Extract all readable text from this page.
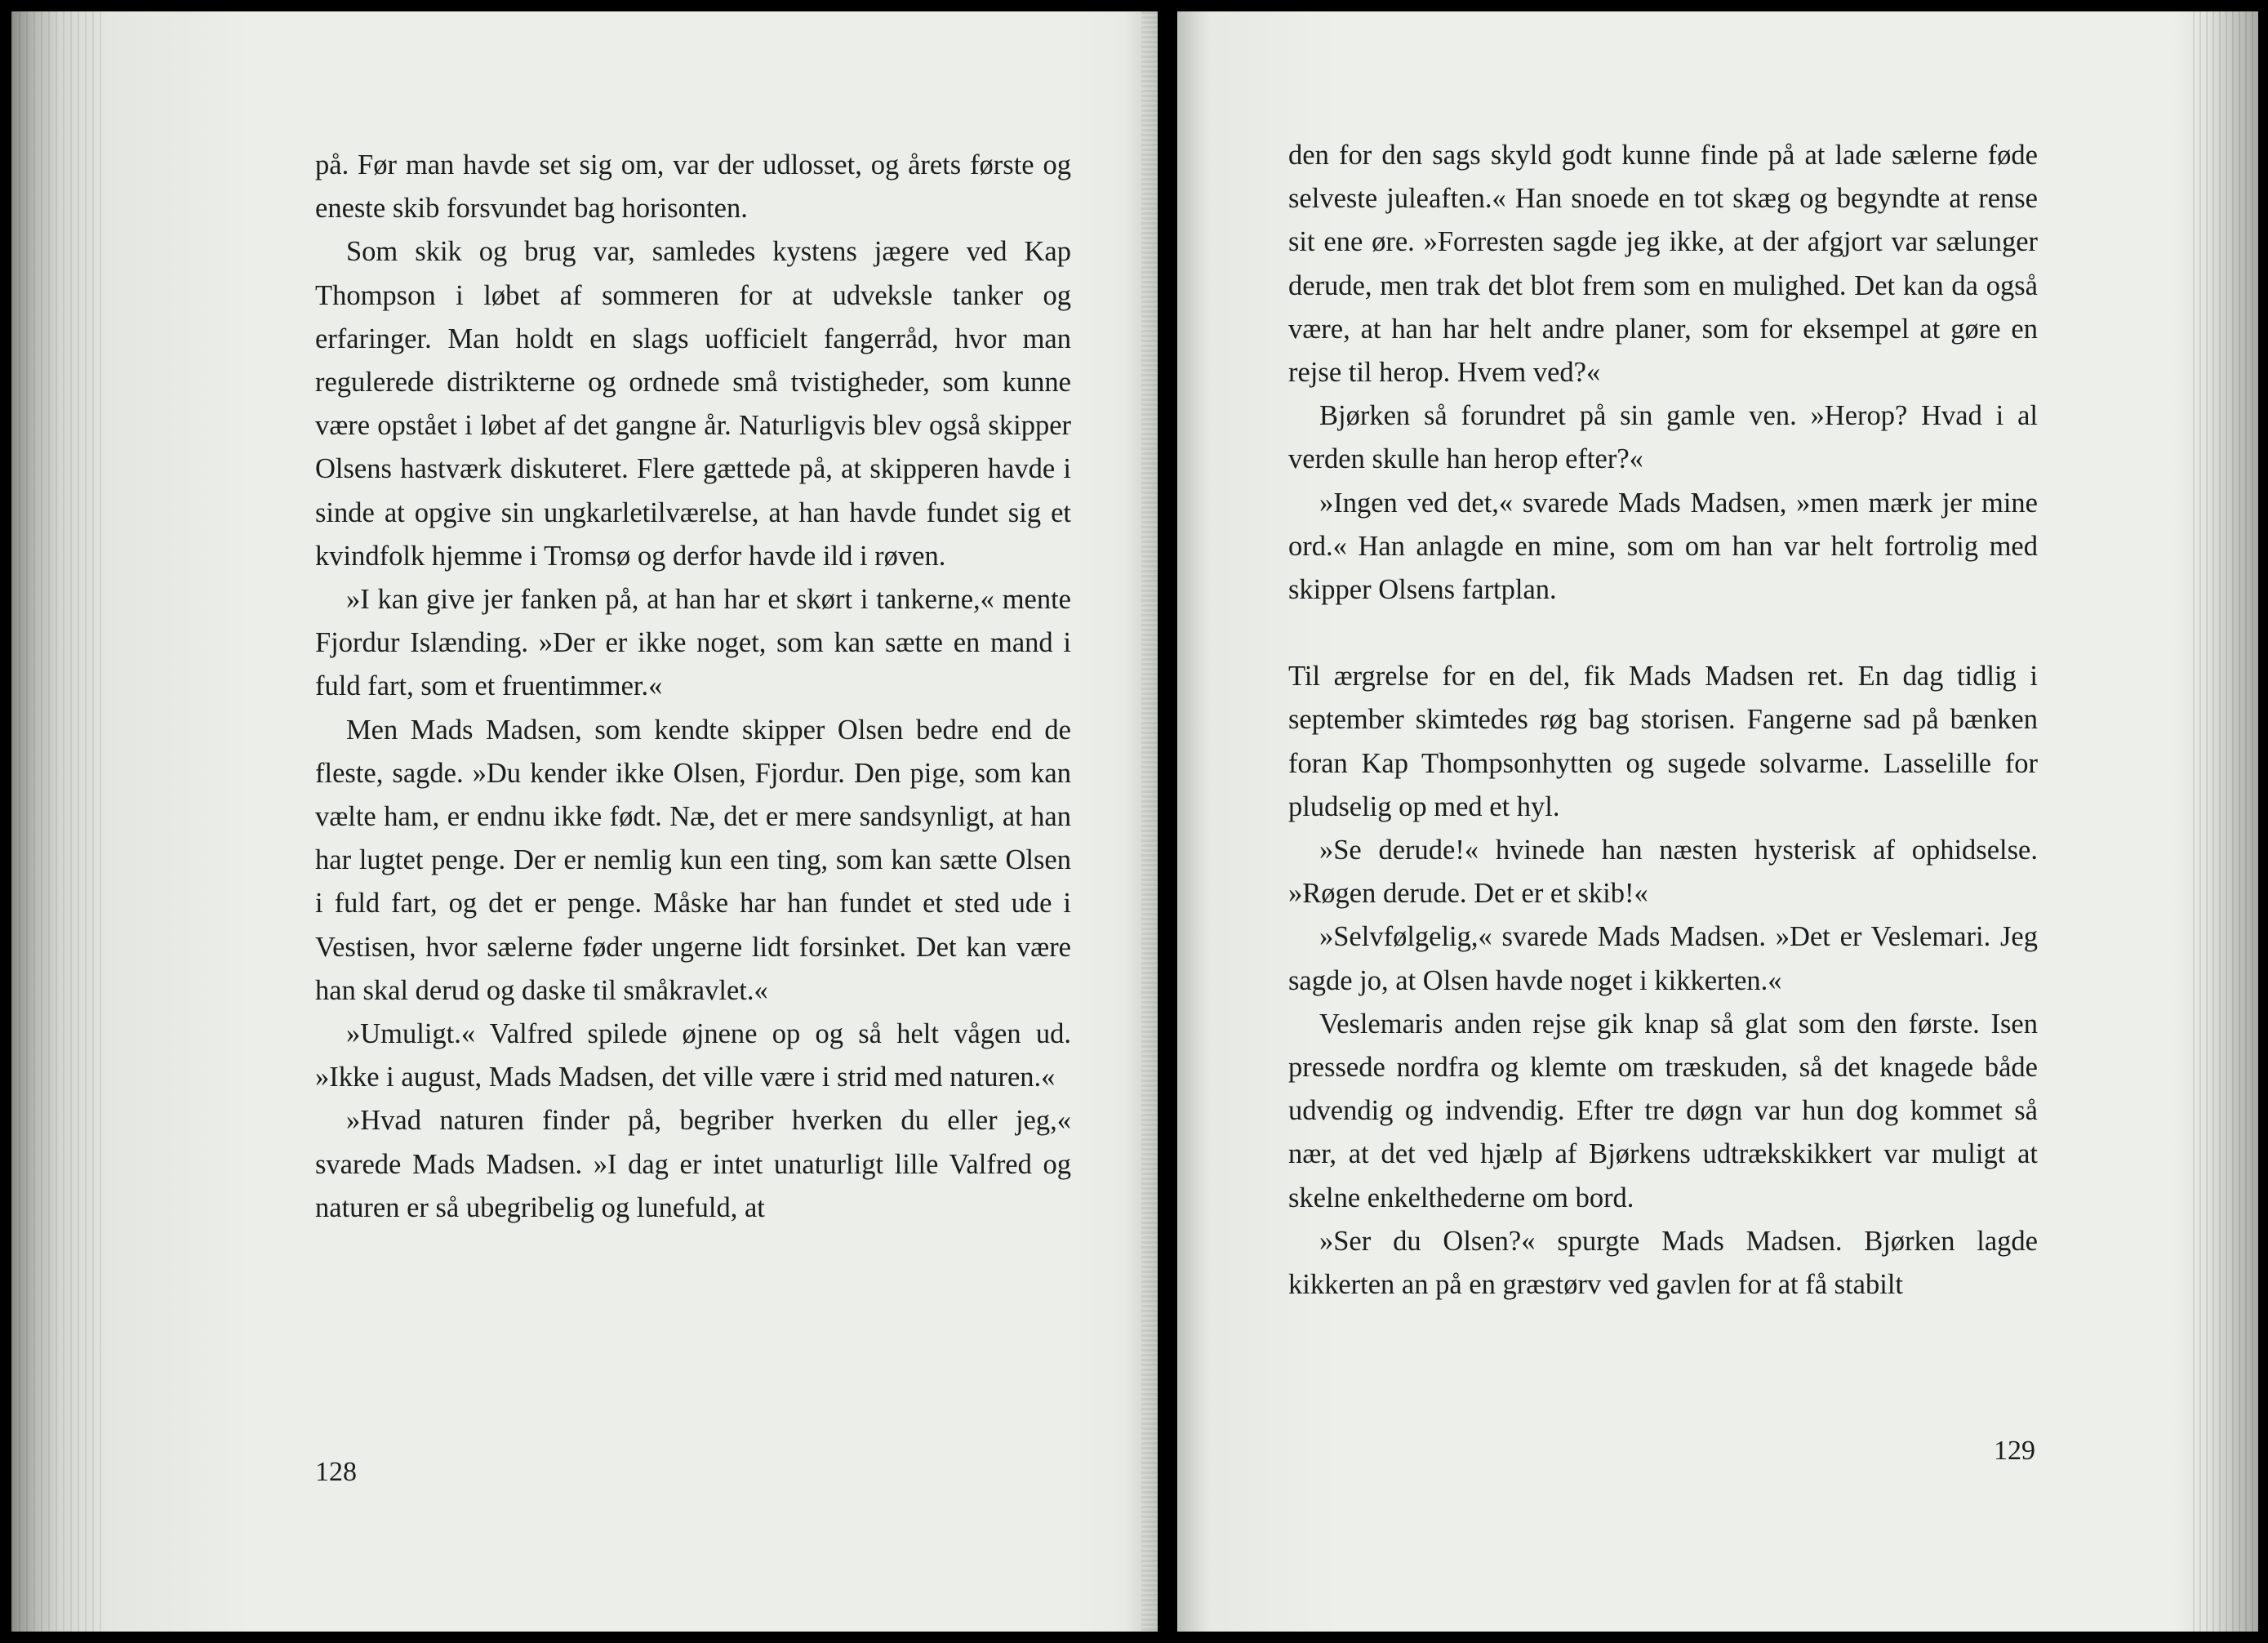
på. Før man havde set sig om, var der udlosset, og årets første og eneste skib forsvundet bag horisonten.

Som skik og brug var, samledes kystens jægere ved Kap Thompson i løbet af sommeren for at udveksle tanker og erfaringer. Man holdt en slags uofficielt fangerråd, hvor man regulerede distrikterne og ordnede små tvistigheder, som kunne være opstået i løbet af det gangne år. Naturligvis blev også skipper Olsens hastværk diskuteret. Flere gættede på, at skipperen havde i sinde at opgive sin ungkarletilværelse, at han havde fundet sig et kvindfolk hjemme i Tromsø og derfor havde ild i røven.

»I kan give jer fanken på, at han har et skørt i tankerne,« mente Fjordur Islænding. »Der er ikke noget, som kan sætte en mand i fuld fart, som et fruentimmer.«

Men Mads Madsen, som kendte skipper Olsen bedre end de fleste, sagde. »Du kender ikke Olsen, Fjordur. Den pige, som kan vælte ham, er endnu ikke født. Næ, det er mere sandsynligt, at han har lugtet penge. Der er nemlig kun een ting, som kan sætte Olsen i fuld fart, og det er penge. Måske har han fundet et sted ude i Vestisen, hvor sælerne føder ungerne lidt forsinket. Det kan være han skal derud og daske til småkravlet.«

»Umuligt.« Valfred spilede øjnene op og så helt vågen ud. »Ikke i august, Mads Madsen, det ville være i strid med naturen.«

»Hvad naturen finder på, begriber hverken du eller jeg,« svarede Mads Madsen. »I dag er intet unaturligt lille Valfred og naturen er så ubegribelig og lunefuld, at

128

den for den sags skyld godt kunne finde på at lade sælerne føde selveste juleaften.« Han snoede en tot skæg og begyndte at rense sit ene øre. »Forresten sagde jeg ikke, at der afgjort var sælunger derude, men trak det blot frem som en mulighed. Det kan da også være, at han har helt andre planer, som for eksempel at gøre en rejse til herop. Hvem ved?«

Bjørken så forundret på sin gamle ven. »Herop? Hvad i al verden skulle han herop efter?«

»Ingen ved det,« svarede Mads Madsen, »men mærk jer mine ord.« Han anlagde en mine, som om han var helt fortrolig med skipper Olsens fartplan.

Til ærgrelse for en del, fik Mads Madsen ret. En dag tidlig i september skimtedes røg bag storisen. Fangerne sad på bænken foran Kap Thompsonhytten og sugede solvarme. Lasselille for pludselig op med et hyl.

»Se derude!« hvinede han næsten hysterisk af ophidselse. »Røgen derude. Det er et skib!«

»Selvfølgelig,« svarede Mads Madsen. »Det er Veslemari. Jeg sagde jo, at Olsen havde noget i kikkerten.«

Veslemaris anden rejse gik knap så glat som den første. Isen pressede nordfra og klemte om træskuden, så det knagede både udvendig og indvendig. Efter tre døgn var hun dog kommet så nær, at det ved hjælp af Bjørkens udtrækskikkert var muligt at skelne enkelthederne om bord.

»Ser du Olsen?« spurgte Mads Madsen. Bjørken lagde kikkerten an på en græstørv ved gavlen for at få stabilt

129
